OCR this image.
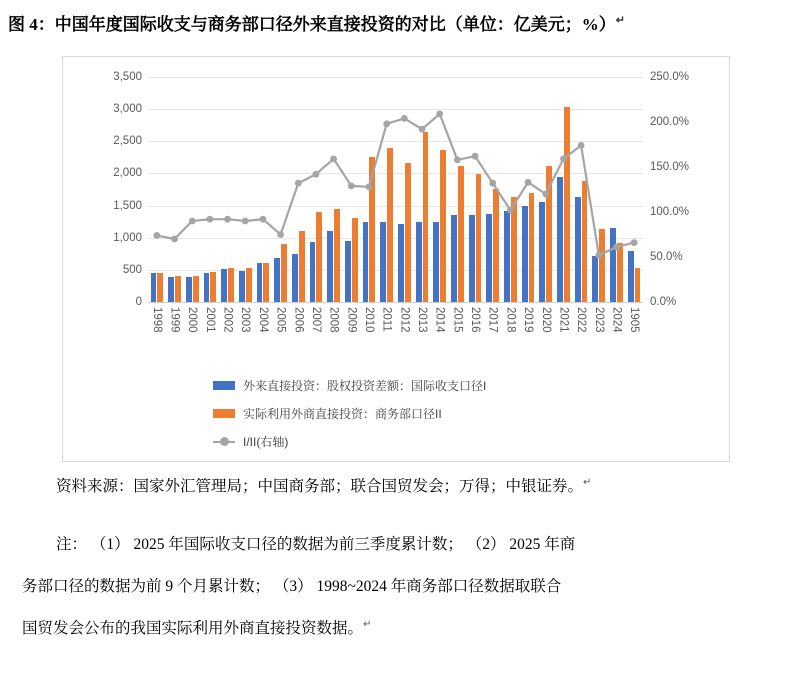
图 4：中国年度国际收支与商务部口径外来直接投资的对比（单位：亿美元；%）↵
1998 1999 2000 2001 2002 2003 2004 2005 2006 2007 2008 2009 2010 2011 2012 2013 2014 2015 2016 2017 2018 2019 2020 2021 2022 2023 2024 1905
0
500
1,000
1,500
2,000
2,500
3,000
3,500
0.0%
50.0%
100.0%
150.0%
200.0%
250.0%
外来直接投资：股权投资差额：国际收支口径I
实际利用外商直接投资：商务部口径II
I/II(右轴)
资料来源：国家外汇管理局；中国商务部；联合国贸发会；万得；中银证券。↵
注： （1） 2025 年国际收支口径的数据为前三季度累计数； （2） 2025 年商
务部口径的数据为前 9 个月累计数； （3） 1998~2024 年商务部口径数据取联合
国贸发会公布的我国实际利用外商直接投资数据。↵
